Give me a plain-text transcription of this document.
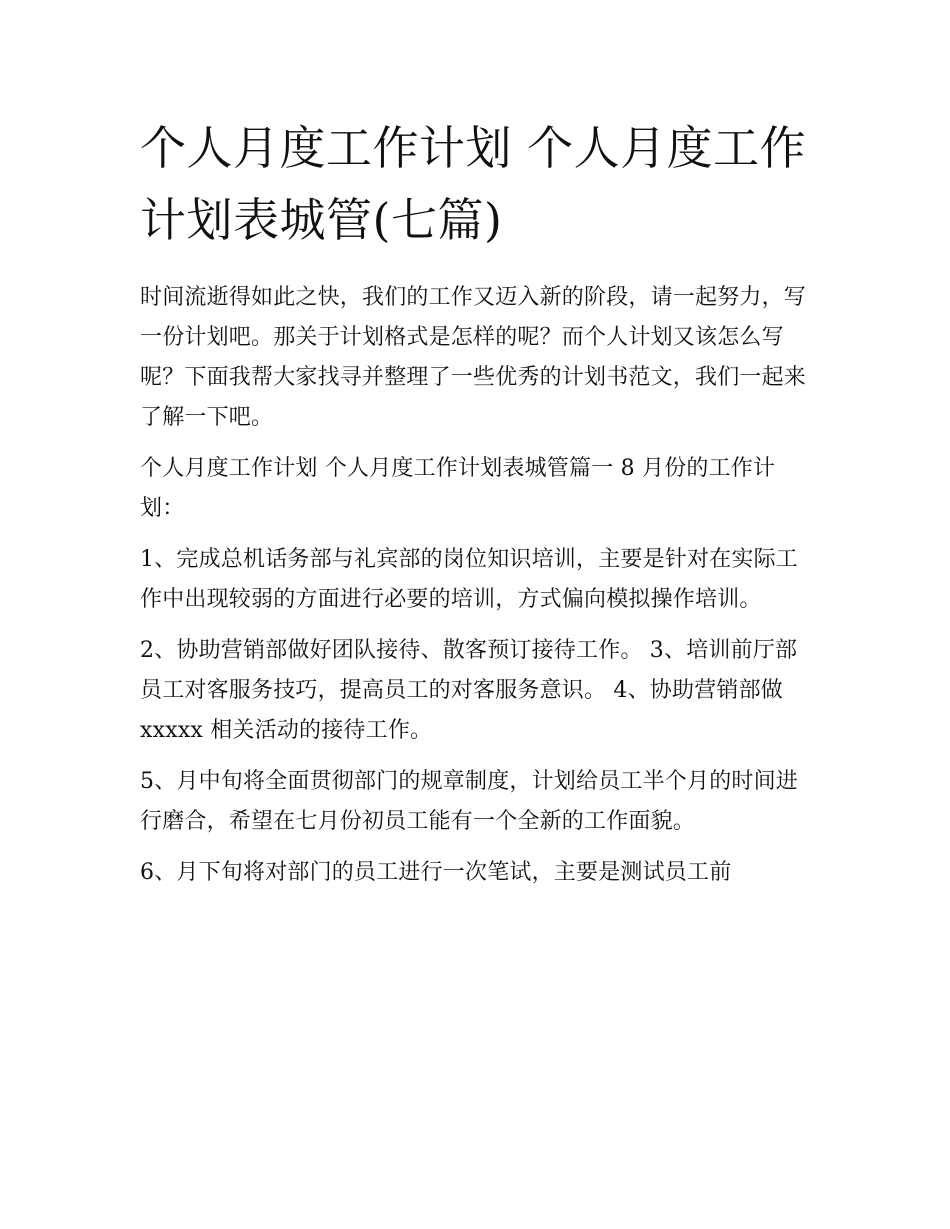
个人月度工作计划 个人月度工作计划表城管(七篇)

时间流逝得如此之快，我们的工作又迈入新的阶段，请一起努力，写一份计划吧。那关于计划格式是怎样的呢？而个人计划又该怎么写呢？下面我帮大家找寻并整理了一些优秀的计划书范文，我们一起来了解一下吧。

个人月度工作计划 个人月度工作计划表城管篇一 8 月份的工作计划：

1、完成总机话务部与礼宾部的岗位知识培训，主要是针对在实际工作中出现较弱的方面进行必要的培训，方式偏向模拟操作培训。

2、协助营销部做好团队接待、散客预订接待工作。 3、培训前厅部员工对客服务技巧，提高员工的对客服务意识。 4、协助营销部做 xxxxx 相关活动的接待工作。

5、月中旬将全面贯彻部门的规章制度，计划给员工半个月的时间进行磨合，希望在七月份初员工能有一个全新的工作面貌。

6、月下旬将对部门的员工进行一次笔试，主要是测试员工前
